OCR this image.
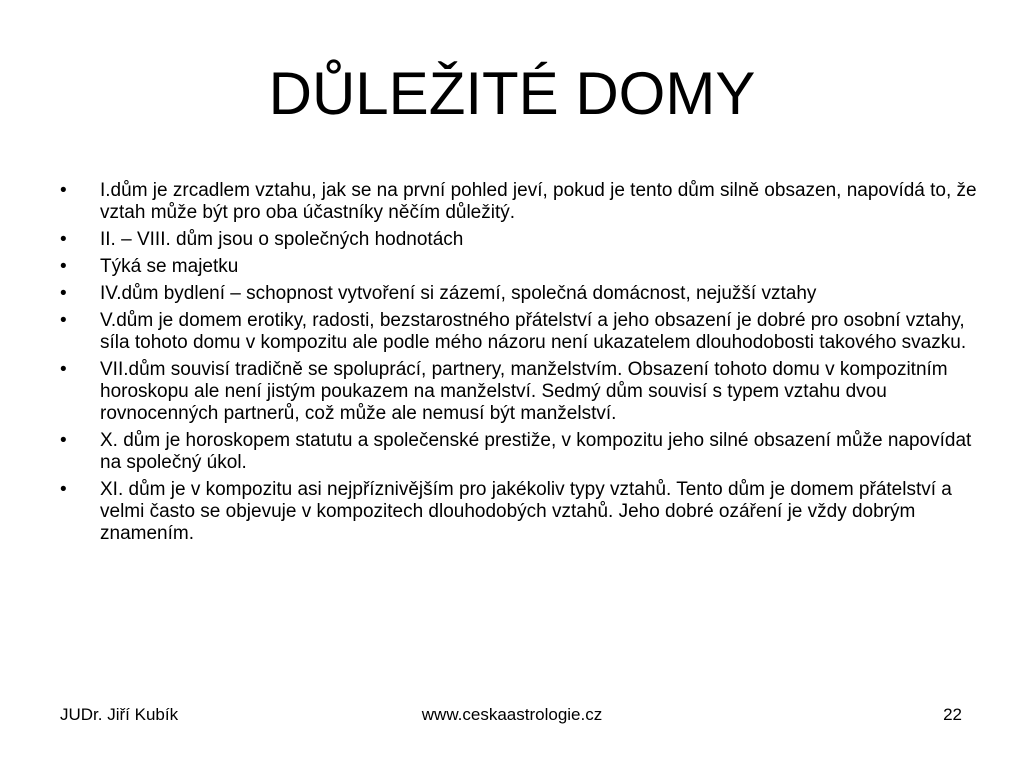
DŮLEŽITÉ DOMY
• I.dům je zrcadlem vztahu, jak se na první pohled jeví, pokud je tento dům silně obsazen, napovídá to, že vztah může být pro oba účastníky něčím důležitý.
• II. – VIII. dům jsou o společných hodnotách
• Týká se majetku
• IV.dům bydlení – schopnost vytvoření si zázemí, společná domácnost, nejužší vztahy
• V.dům je domem erotiky, radosti, bezstarostného přátelství a jeho obsazení je dobré pro osobní vztahy, síla tohoto domu v kompozitu ale podle mého názoru není ukazatelem dlouhodobosti takového svazku.
• VII.dům souvisí tradičně se spoluprácí, partnery, manželstvím. Obsazení tohoto domu v kompozitním horoskopu ale není jistým poukazem na manželství. Sedmý dům souvisí s typem vztahu dvou rovnocenných partnerů, což může ale nemusí být manželství.
• X. dům je horoskopem statutu a společenské prestiže, v kompozitu jeho silné obsazení může napovídat na společný úkol.
• XI. dům je v kompozitu asi nejpříznivějším pro jakékoliv typy vztahů. Tento dům je domem přátelství a velmi často se objevuje v kompozitech dlouhodobých vztahů. Jeho dobré ozáření je vždy dobrým znamením.
JUDr. Jiří Kubík	www.ceskaastrologie.cz	22
